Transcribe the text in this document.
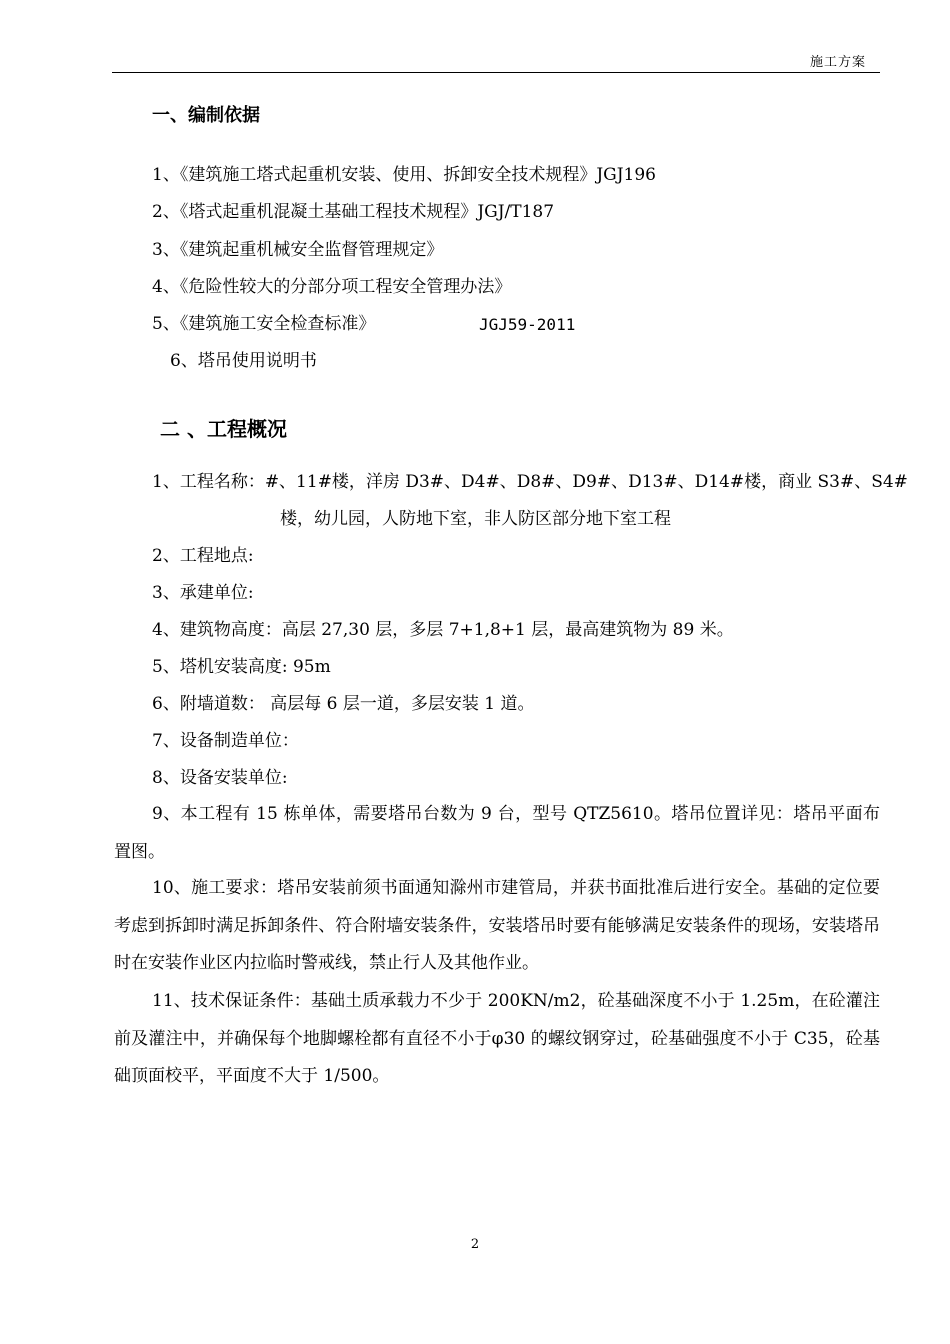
施工方案
一、编制依据

1、《建筑施工塔式起重机安装、使用、拆卸安全技术规程》JGJ196

2、《塔式起重机混凝土基础工程技术规程》JGJ/T187

3、《建筑起重机械安全监督管理规定》

4、《危险性较大的分部分项工程安全管理办法》

5、《建筑施工安全检查标准》	JGJ59-2011

6、塔吊使用说明书

二 、工程概况

1、工程名称：#、11#楼，洋房 D3#、D4#、D8#、D9#、D13#、D14#楼，商业 S3#、S4#

楼，幼儿园，人防地下室，非人防区部分地下室工程

2、工程地点:

3、承建单位:

4、建筑物高度：高层 27,30 层，多层 7+1,8+1 层，最高建筑物为 89 米。

5、塔机安装高度: 95m

6、附墙道数： 高层每 6 层一道，多层安装 1 道。

7、设备制造单位：

8、设备安装单位:

9、本工程有 15 栋单体，需要塔吊台数为 9 台，型号 QTZ5610。塔吊位置详见：塔吊平面布置图。

10、施工要求：塔吊安装前须书面通知滁州市建管局，并获书面批准后进行安全。基础的定位要考虑到拆卸时满足拆卸条件、符合附墙安装条件，安装塔吊时要有能够满足安装条件的现场，安装塔吊时在安装作业区内拉临时警戒线，禁止行人及其他作业。

11、技术保证条件：基础土质承载力不少于 200KN/m2，砼基础深度不小于 1.25m，在砼灌注前及灌注中，并确保每个地脚螺栓都有直径不小于φ30 的螺纹钢穿过，砼基础强度不小于 C35，砼基础顶面校平，平面度不大于 1/500。

2
